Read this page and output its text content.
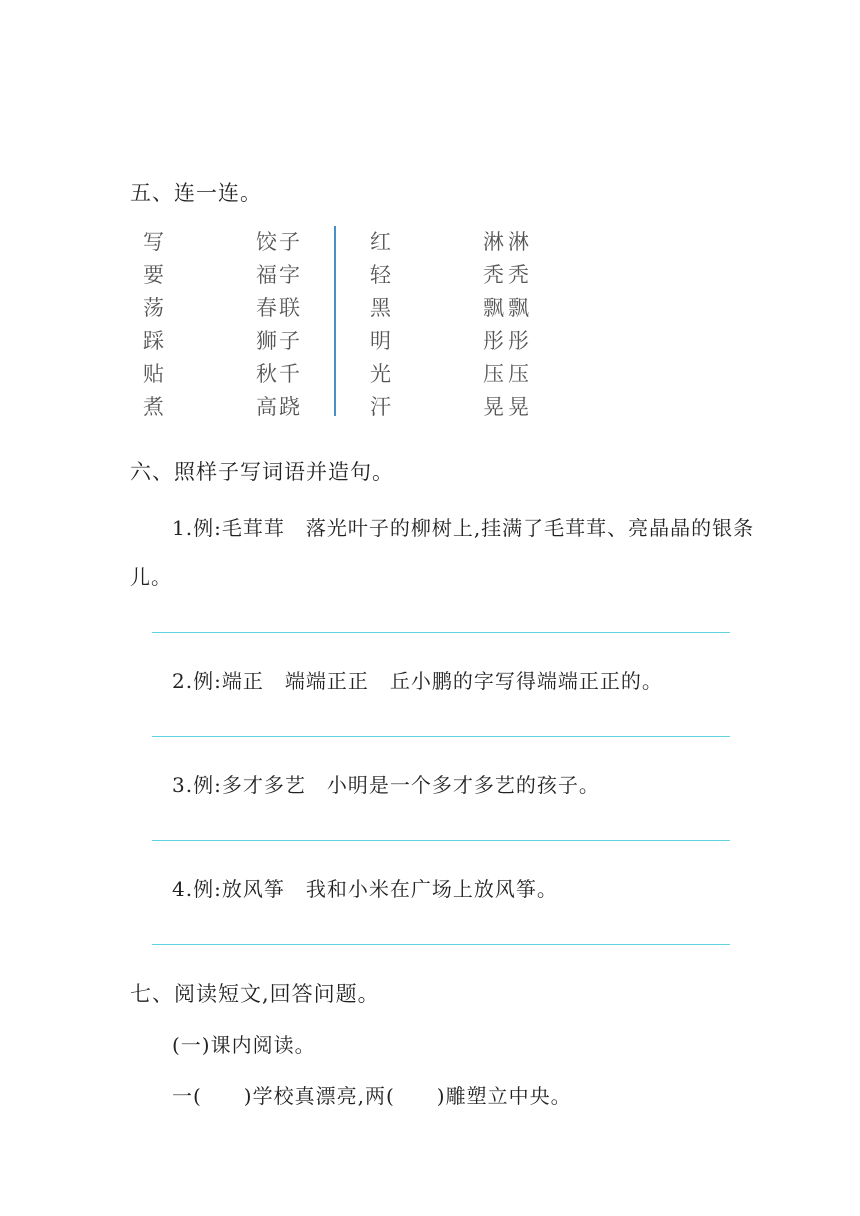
五、连一连。
写
要
荡
踩
贴
煮
饺子
福字
春联
狮子
秋千
高跷
红
轻
黑
明
光
汗
淋淋
秃秃
飘飘
彤彤
压压
晃晃
六、照样子写词语并造句。
1.例:毛茸茸　落光叶子的柳树上,挂满了毛茸茸、亮晶晶的银条
儿。
2.例:端正　端端正正　丘小鹏的字写得端端正正的。
3.例:多才多艺　小明是一个多才多艺的孩子。
4.例:放风筝　我和小米在广场上放风筝。
七、阅读短文,回答问题。
(一)课内阅读。
一(　　)学校真漂亮,两(　　)雕塑立中央。
